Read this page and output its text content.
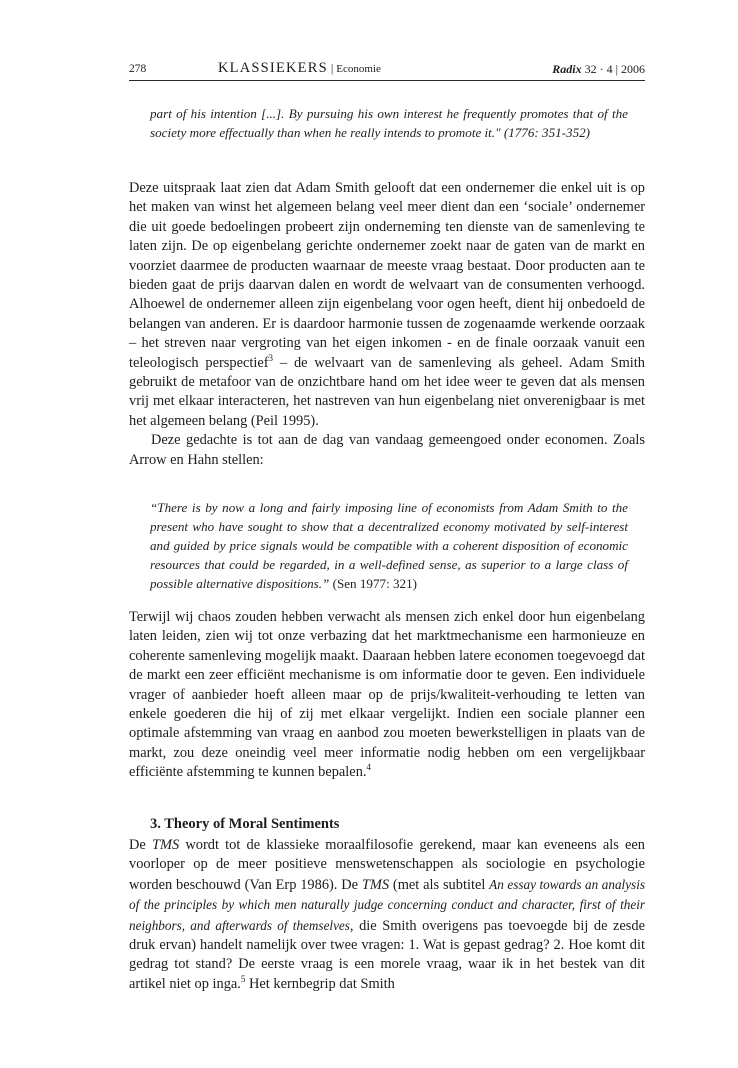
278	KLASSIEKERS | Economie	Radix 32 · 4 | 2006

part of his intention [...]. By pursuing his own interest he frequently promotes that of the society more effectually than when he really intends to promote it." (1776: 351-352)

Deze uitspraak laat zien dat Adam Smith gelooft dat een ondernemer die enkel uit is op het maken van winst het algemeen belang veel meer dient dan een ‘sociale’ ondernemer die uit goede bedoelingen probeert zijn onderneming ten dienste van de samenleving te laten zijn. De op eigenbelang gerichte ondernemer zoekt naar de gaten van de markt en voorziet daarmee de producten waarnaar de meeste vraag bestaat. Door producten aan te bieden gaat de prijs daarvan dalen en wordt de welvaart van de consumenten verhoogd. Alhoewel de ondernemer alleen zijn eigenbelang voor ogen heeft, dient hij onbedoeld de belangen van anderen. Er is daardoor harmonie tussen de zogenaamde werkende oorzaak – het streven naar vergroting van het eigen inkomen - en de finale oorzaak vanuit een teleologisch perspectief$^3$ – de welvaart van de samenleving als geheel. Adam Smith gebruikt de metafoor van de onzichtbare hand om het idee weer te geven dat als mensen vrij met elkaar interacteren, het nastreven van hun eigenbelang niet onverenigbaar is met het algemeen belang (Peil 1995).

Deze gedachte is tot aan de dag van vandaag gemeengoed onder economen. Zoals Arrow en Hahn stellen:

“There is by now a long and fairly imposing line of economists from Adam Smith to the present who have sought to show that a decentralized economy motivated by self-interest and guided by price signals would be compatible with a coherent disposition of economic resources that could be regarded, in a well-defined sense, as superior to a large class of possible alternative dispositions.” (Sen 1977: 321)

Terwijl wij chaos zouden hebben verwacht als mensen zich enkel door hun eigenbelang laten leiden, zien wij tot onze verbazing dat het marktmechanisme een harmonieuze en coherente samenleving mogelijk maakt. Daaraan hebben latere economen toegevoegd dat de markt een zeer efficiënt mechanisme is om informatie door te geven. Een individuele vrager of aanbieder hoeft alleen maar op de prijs/kwaliteit-verhouding te letten van enkele goederen die hij of zij met elkaar vergelijkt. Indien een sociale planner een optimale afstemming van vraag en aanbod zou moeten bewerkstelligen in plaats van de markt, zou deze oneindig veel meer informatie nodig hebben om een vergelijkbaar efficiënte afstemming te kunnen bepalen.$^4$

3. Theory of Moral Sentiments

De TMS wordt tot de klassieke moraalfilosofie gerekend, maar kan eveneens als een voorloper op de meer positieve menswetenschappen als sociologie en psychologie worden beschouwd (Van Erp 1986). De TMS (met als subtitel An essay towards an analysis of the principles by which men naturally judge concerning conduct and character, first of their neighbors, and afterwards of themselves, die Smith overigens pas toevoegde bij de zesde druk ervan) handelt namelijk over twee vragen: 1. Wat is gepast gedrag? 2. Hoe komt dit gedrag tot stand? De eerste vraag is een morele vraag, waar ik in het bestek van dit artikel niet op inga.$^5$ Het kernbegrip dat Smith
